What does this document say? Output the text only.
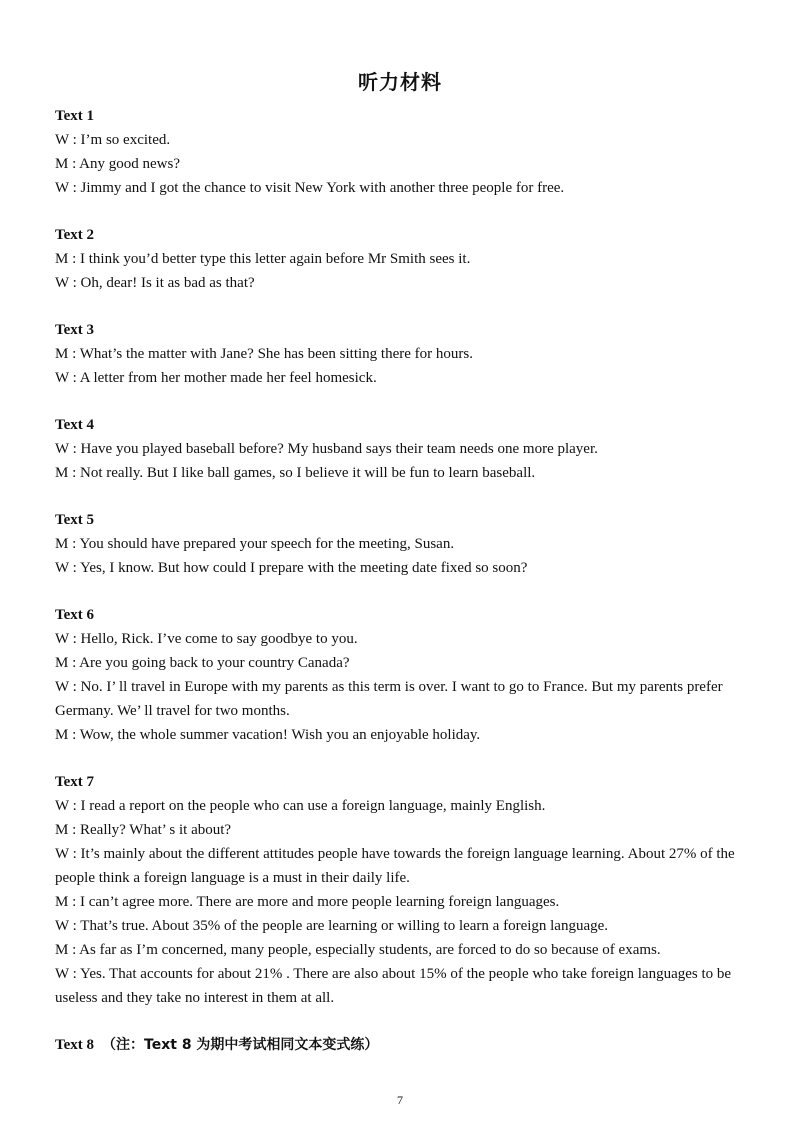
听力材料
Text 1
W : I’m so excited.
M : Any good news?
W : Jimmy and I got the chance to visit New York with another three people for free.
Text 2
M : I think you’d better type this letter again before Mr Smith sees it.
W : Oh, dear! Is it as bad as that?
Text 3
M : What’s the matter with Jane? She has been sitting there for hours.
W : A letter from her mother made her feel homesick.
Text 4
W : Have you played baseball before? My husband says their team needs one more player.
M : Not really. But I like ball games, so I believe it will be fun to learn baseball.
Text 5
M : You should have prepared your speech for the meeting, Susan.
W : Yes, I know. But how could I prepare with the meeting date fixed so soon?
Text 6
W : Hello, Rick. I’ve come to say goodbye to you.
M : Are you going back to your country Canada?
W : No. I’ ll travel in Europe with my parents as this term is over. I want to go to France. But my parents prefer Germany. We’ ll travel for two months.
M : Wow, the whole summer vacation! Wish you an enjoyable holiday.
Text 7
W : I read a report on the people who can use a foreign language, mainly English.
M : Really? What’ s it about?
W : It’s mainly about the different attitudes people have towards the foreign language learning. About 27% of the people think a foreign language is a must in their daily life.
M : I can’t agree more. There are more and more people learning foreign languages.
W : That’s true. About 35% of the people are learning or willing to learn a foreign language.
M : As far as I’m concerned, many people, especially students, are forced to do so because of exams.
W : Yes. That accounts for about 21% . There are also about 15% of the people who take foreign languages to be useless and they take no interest in them at all.
Text 8 （注：Text 8 为期中考试相同文本变式练）
7
